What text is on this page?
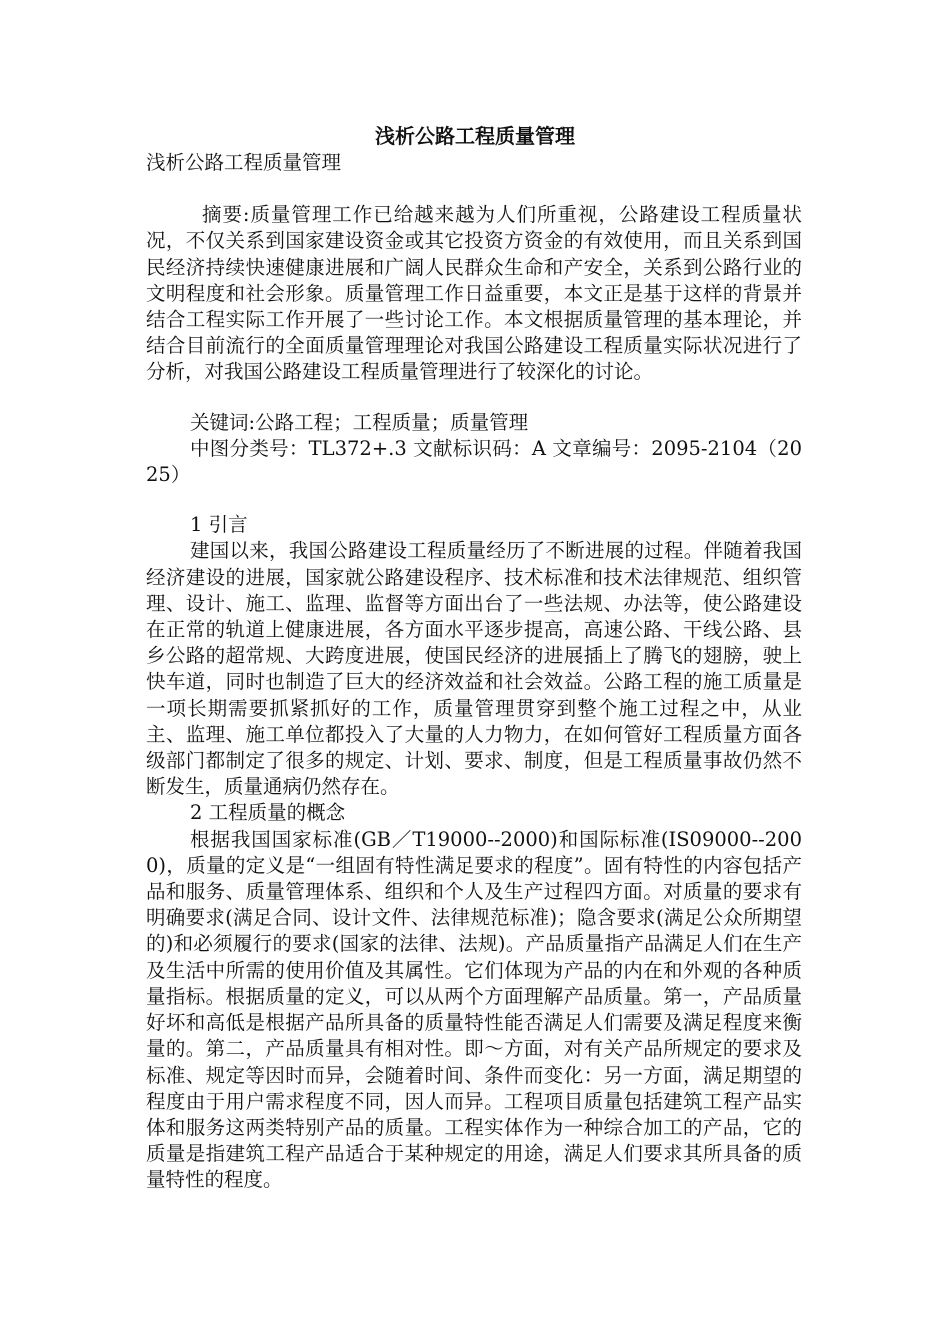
浅析公路工程质量管理

浅析公路工程质量管理

摘要:质量管理工作已给越来越为人们所重视，公路建设工程质量状况，不仅关系到国家建设资金或其它投资方资金的有效使用，而且关系到国民经济持续快速健康进展和广阔人民群众生命和产安全，关系到公路行业的文明程度和社会形象。质量管理工作日益重要，本文正是基于这样的背景并结合工程实际工作开展了一些讨论工作。本文根据质量管理的基本理论，并结合目前流行的全面质量管理理论对我国公路建设工程质量实际状况进行了分析，对我国公路建设工程质量管理进行了较深化的讨论。

关键词:公路工程；工程质量；质量管理

中图分类号：TL372+.3 文献标识码：A 文章编号：2095-2104（2025）

1 引言

建国以来，我国公路建设工程质量经历了不断进展的过程。伴随着我国经济建设的进展，国家就公路建设程序、技术标准和技术法律规范、组织管理、设计、施工、监理、监督等方面出台了一些法规、办法等，使公路建设在正常的轨道上健康进展，各方面水平逐步提高，高速公路、干线公路、县乡公路的超常规、大跨度进展，使国民经济的进展插上了腾飞的翅膀，驶上快车道，同时也制造了巨大的经济效益和社会效益。公路工程的施工质量是一项长期需要抓紧抓好的工作，质量管理贯穿到整个施工过程之中，从业主、监理、施工单位都投入了大量的人力物力，在如何管好工程质量方面各级部门都制定了很多的规定、计划、要求、制度，但是工程质量事故仍然不断发生，质量通病仍然存在。

2 工程质量的概念

根据我国国家标准(GB／T19000--2000)和国际标准(IS09000--2000)，质量的定义是“一组固有特性满足要求的程度”。固有特性的内容包括产品和服务、质量管理体系、组织和个人及生产过程四方面。对质量的要求有明确要求(满足合同、设计文件、法律规范标准)；隐含要求(满足公众所期望的)和必须履行的要求(国家的法律、法规)。产品质量指产品满足人们在生产及生活中所需的使用价值及其属性。它们体现为产品的内在和外观的各种质量指标。根据质量的定义，可以从两个方面理解产品质量。第一，产品质量好坏和高低是根据产品所具备的质量特性能否满足人们需要及满足程度来衡量的。第二，产品质量具有相对性。即～方面，对有关产品所规定的要求及标准、规定等因时而异，会随着时间、条件而变化：另一方面，满足期望的程度由于用户需求程度不同，因人而异。工程项目质量包括建筑工程产品实体和服务这两类特别产品的质量。工程实体作为一种综合加工的产品，它的质量是指建筑工程产品适合于某种规定的用途，满足人们要求其所具备的质量特性的程度。
